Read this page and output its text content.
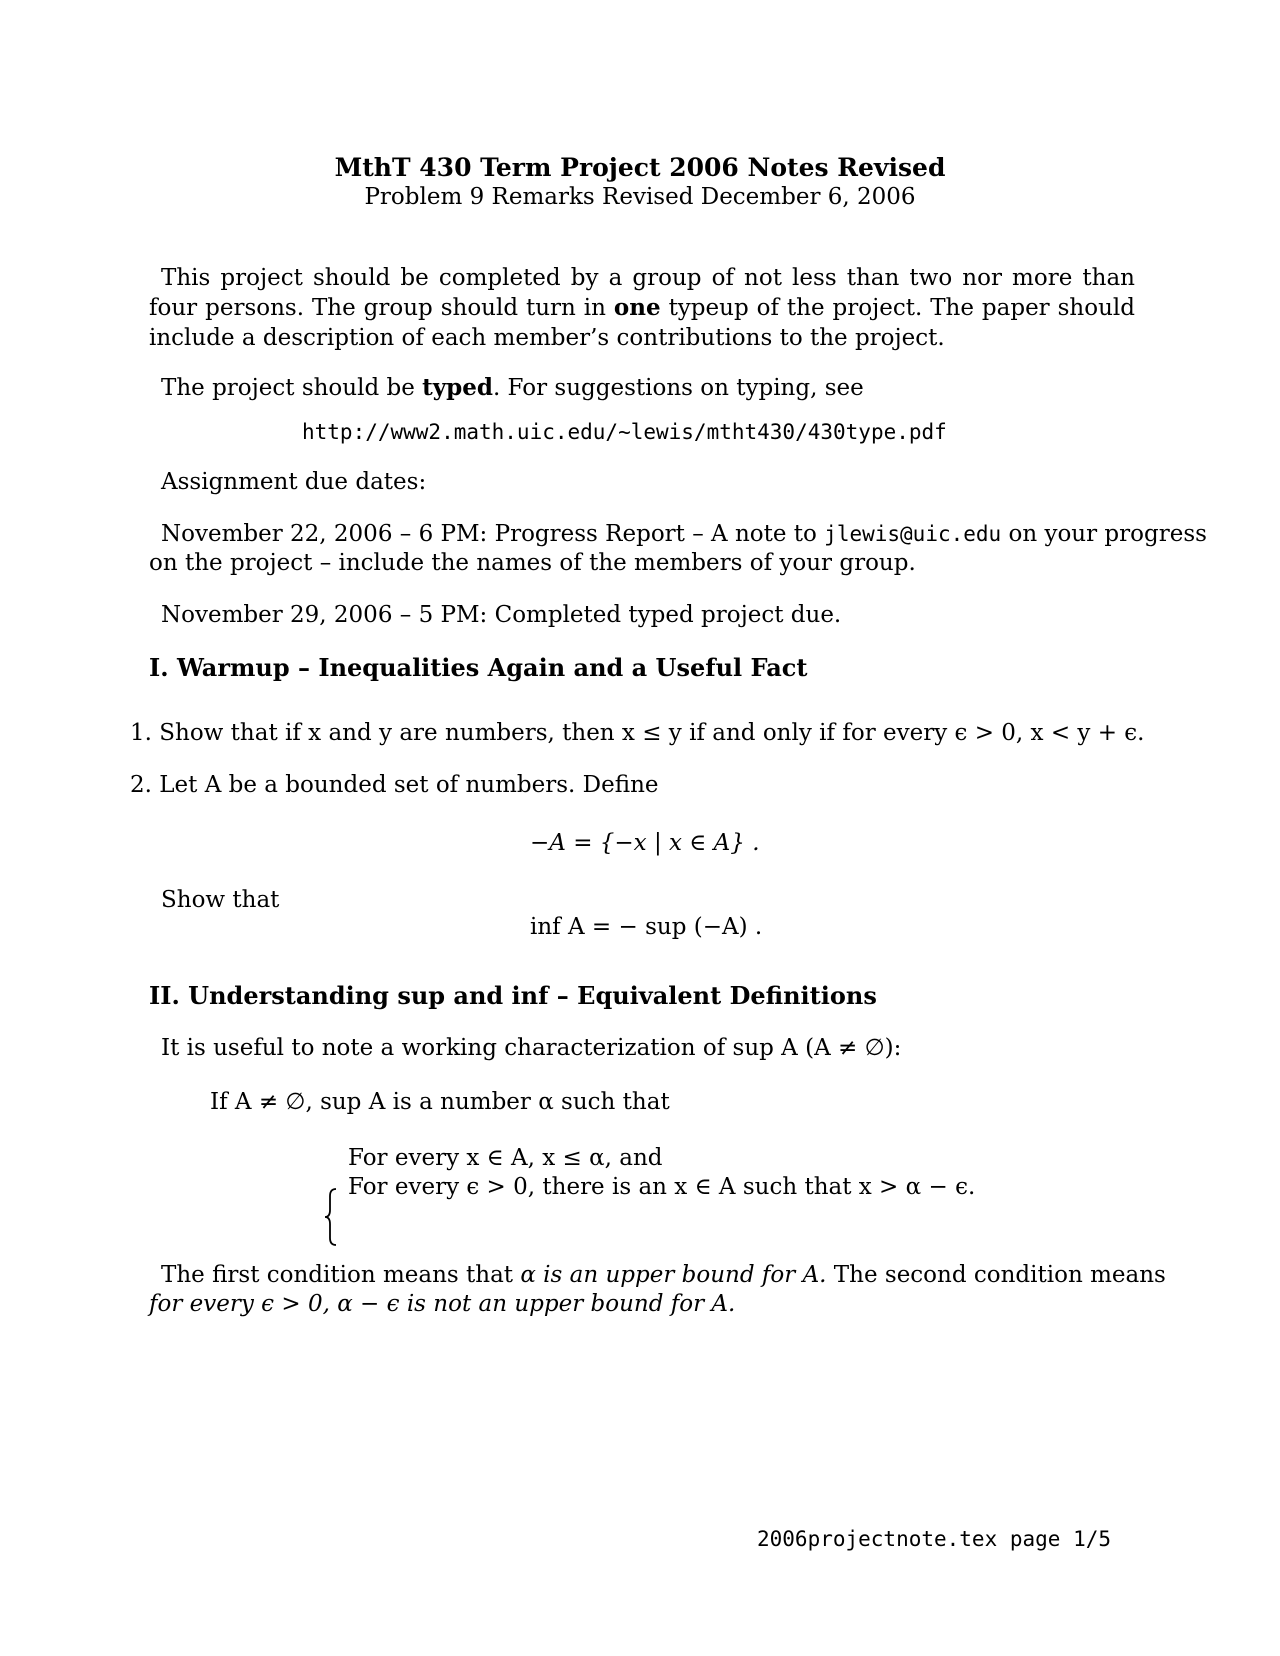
MthT 430 Term Project 2006 Notes Revised
Problem 9 Remarks Revised December 6, 2006
This project should be completed by a group of not less than two nor more than four persons. The group should turn in one typeup of the project. The paper should include a description of each member’s contributions to the project.
The project should be typed. For suggestions on typing, see
http://www2.math.uic.edu/~lewis/mtht430/430type.pdf
Assignment due dates:
November 22, 2006 – 6 PM: Progress Report – A note to jlewis@uic.edu on your progress
on the project – include the names of the members of your group.
November 29, 2006 – 5 PM: Completed typed project due.
I. Warmup – Inequalities Again and a Useful Fact
1. Show that if x and y are numbers, then x ≤ y if and only if for every ϵ > 0, x < y + ϵ.
2. Let A be a bounded set of numbers. Define
−A = {−x | x ∈ A} .
Show that
inf A = − sup (−A) .
II. Understanding sup and inf – Equivalent Definitions
It is useful to note a working characterization of sup A (A ≠ ∅):
If A ≠ ∅, sup A is a number α such that
For every x ∈ A, x ≤ α, and
For every ϵ > 0, there is an x ∈ A such that x > α − ϵ.
The first condition means that α is an upper bound for A. The second condition means
for every ϵ > 0, α − ϵ is not an upper bound for A.
2006projectnote.tex page 1/5
